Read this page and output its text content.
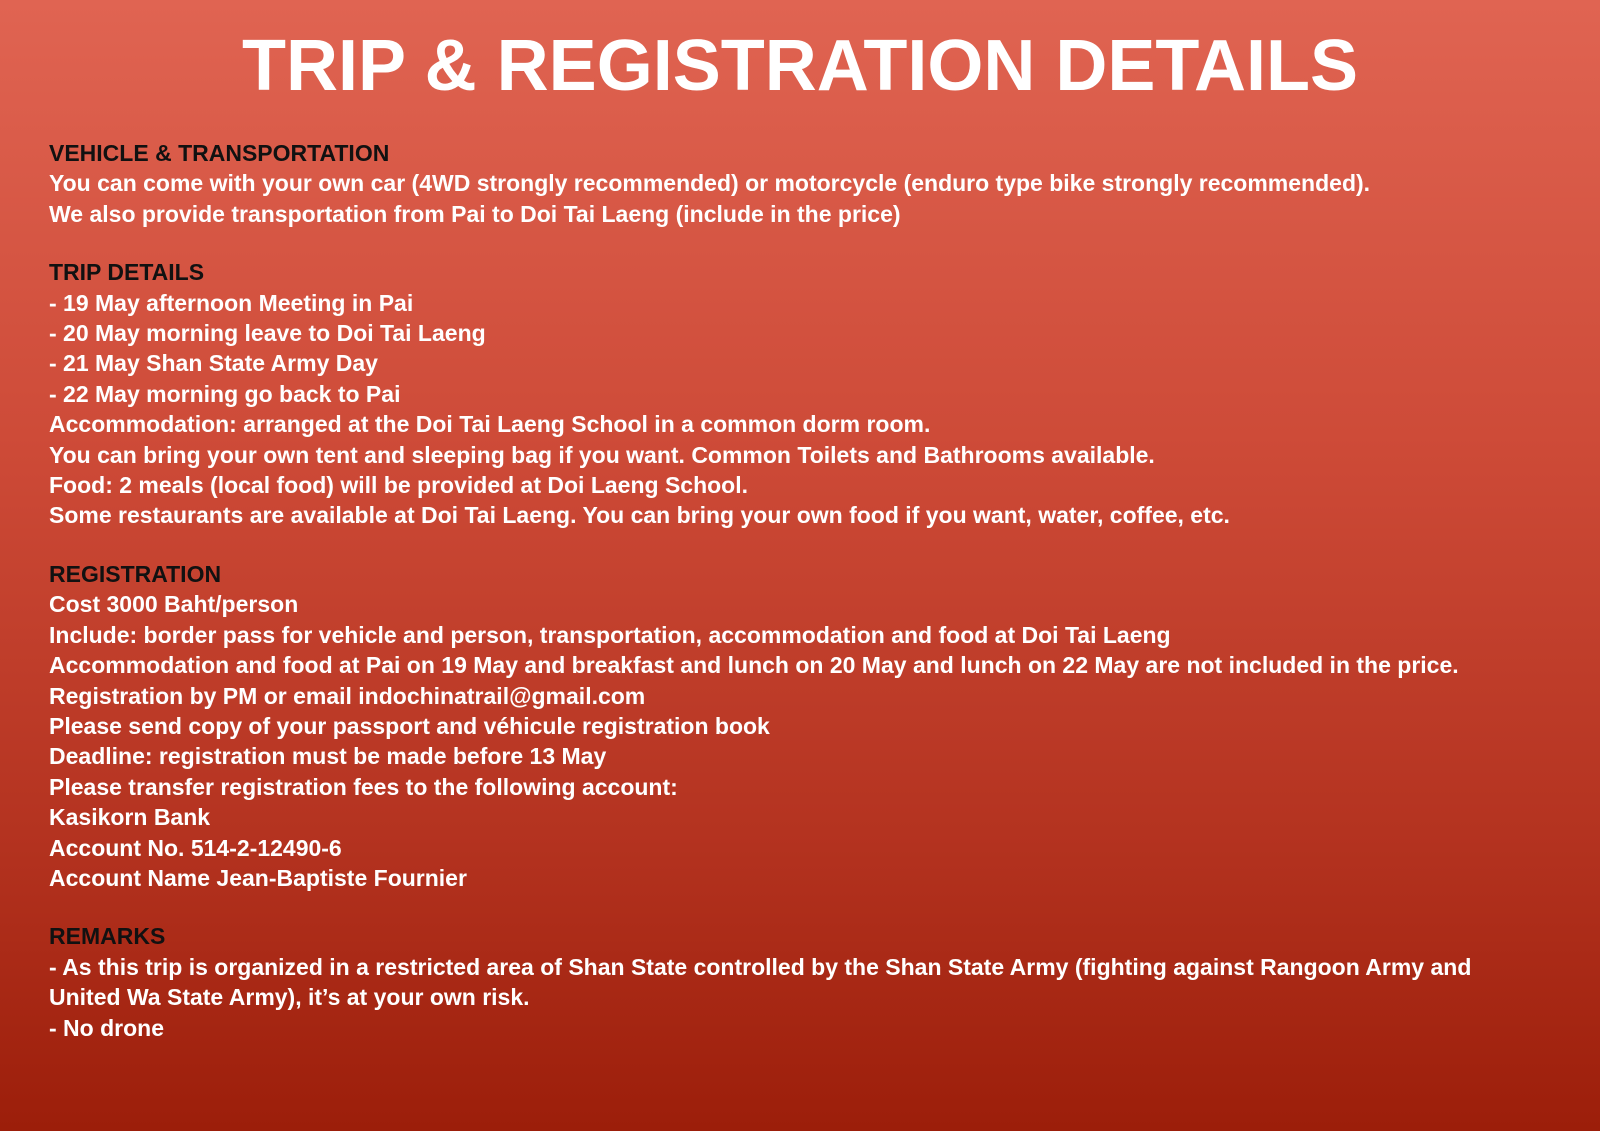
TRIP & REGISTRATION DETAILS
VEHICLE & TRANSPORTATION
You can come with your own car (4WD strongly recommended) or motorcycle (enduro type bike strongly recommended).
We also provide transportation from Pai to Doi Tai Laeng (include in the price)
TRIP DETAILS
- 19 May afternoon Meeting in Pai
- 20 May morning leave to Doi Tai Laeng
- 21 May Shan State Army Day
- 22 May morning go back to Pai
Accommodation: arranged at the Doi Tai Laeng School in a common dorm room.
You can bring your own tent and sleeping bag if you want. Common Toilets and Bathrooms available.
Food: 2 meals (local food) will be provided at Doi Laeng School.
Some restaurants are available at Doi Tai Laeng. You can bring your own food if you want, water, coffee, etc.
REGISTRATION
Cost 3000 Baht/person
Include: border pass for vehicle and person, transportation, accommodation and food at Doi Tai Laeng
Accommodation and food at Pai on 19 May and breakfast and lunch on 20 May and lunch on 22 May are not included in the price.
Registration by PM or email indochinatrail@gmail.com
Please send copy of your passport and véhicule registration book
Deadline: registration must be made before 13 May
Please transfer registration fees to the following account:
Kasikorn Bank
Account No. 514-2-12490-6
Account Name Jean-Baptiste Fournier
REMARKS
- As this trip is organized in a restricted area of Shan State controlled by the Shan State Army (fighting against Rangoon Army and United Wa State Army), it’s at your own risk.
- No drone
